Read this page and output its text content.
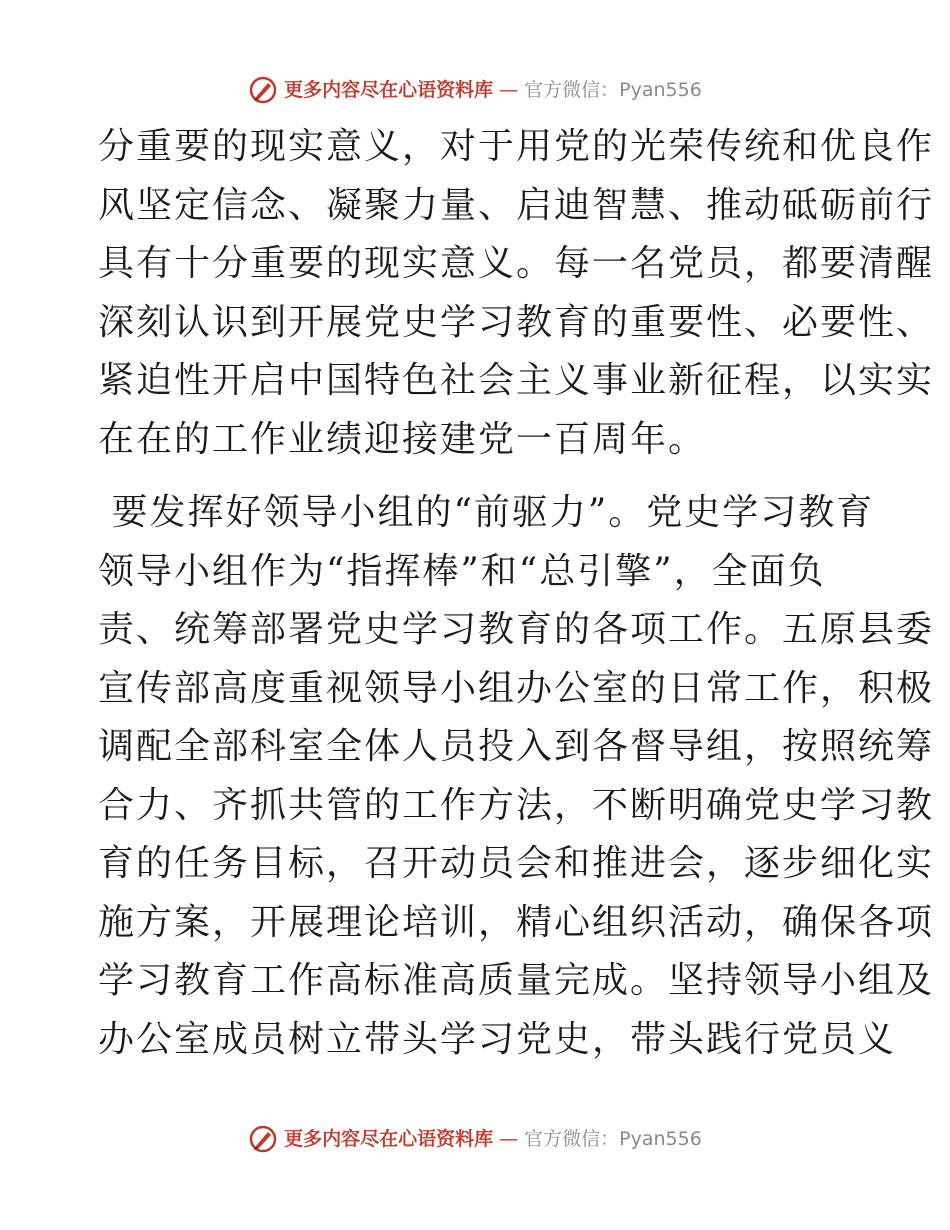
更多内容尽在心语资料库 — 官方微信：Pyan556

分重要的现实意义，对于用党的光荣传统和优良作

风坚定信念、凝聚力量、启迪智慧、推动砥砺前行

具有十分重要的现实意义。每一名党员，都要清醒

深刻认识到开展党史学习教育的重要性、必要性、

紧迫性开启中国特色社会主义事业新征程，以实实

在在的工作业绩迎接建党一百周年。

要发挥好领导小组的“前驱力”。党史学习教育

领导小组作为“指挥棒”和“总引擎”，全面负

责、统筹部署党史学习教育的各项工作。五原县委

宣传部高度重视领导小组办公室的日常工作，积极

调配全部科室全体人员投入到各督导组，按照统筹

合力、齐抓共管的工作方法，不断明确党史学习教

育的任务目标，召开动员会和推进会，逐步细化实

施方案，开展理论培训，精心组织活动，确保各项

学习教育工作高标准高质量完成。坚持领导小组及

办公室成员树立带头学习党史，带头践行党员义

更多内容尽在心语资料库 — 官方微信：Pyan556
